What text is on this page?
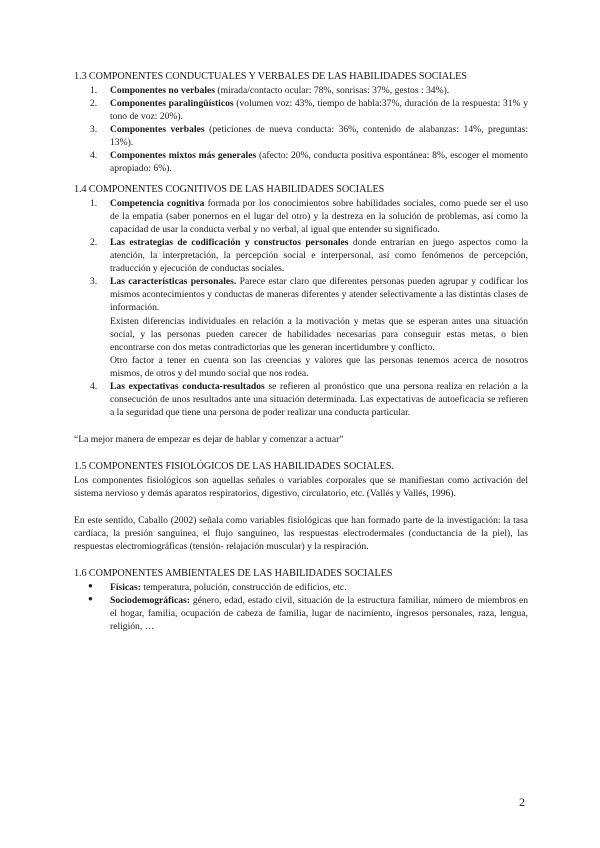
1.3 COMPONENTES CONDUCTUALES Y VERBALES DE LAS HABILIDADES SOCIALES
1. Componentes no verbales (mirada/contacto ocular: 78%, sonrisas: 37%, gestos : 34%).
2. Componentes paralingüísticos (volumen voz: 43%, tiempo de habla:37%, duración de la respuesta: 31% y tono de voz: 20%).
3. Componentes verbales (peticiones de nueva conducta: 36%, contenido de alabanzas: 14%, preguntas: 13%).
4. Componentes mixtos más generales (afecto: 20%, conducta positiva espontánea: 8%, escoger el momento apropiado: 6%).
1.4 COMPONENTES COGNITIVOS DE LAS HABILIDADES SOCIALES
1. Competencia cognitiva formada por los conocimientos sobre habilidades sociales, como puede ser el uso de la empatía (saber ponernos en el lugar del otro) y la destreza en la solución de problemas, así como la capacidad de usar la conducta verbal y no verbal, al igual que entender su significado.
2. Las estrategias de codificación y constructos personales donde entrarían en juego aspectos como la atención, la interpretación, la percepción social e interpersonal, así como fenómenos de percepción, traducción y ejecución de conductas sociales.
3. Las características personales. Parece estar claro que diferentes personas pueden agrupar y codificar los mismos acontecimientos y conductas de maneras diferentes y atender selectivamente a las distintas clases de información.

Existen diferencias individuales en relación a la motivación y metas que se esperan antes una situación social, y las personas pueden carecer de habilidades necesarias para conseguir estas metas, o bien encontrarse con dos metas contradictorias que les generan incertidumbre y conflicto.

Otro factor a tener en cuenta son las creencias y valores que las personas tenemos acerca de nosotros mismos, de otros y del mundo social que nos rodea.

4. Las expectativas conducta-resultados se refieren al pronóstico que una persona realiza en relación a la consecución de unos resultados ante una situación determinada. Las expectativas de autoeficacia se refieren a la seguridad que tiene una persona de poder realizar una conducta particular.

“La mejor manera de empezar es dejar de hablar y comenzar a actuar”

1.5 COMPONENTES FISIOLÓGICOS DE LAS HABILIDADES SOCIALES.

Los componentes fisiológicos son aquellas señales o variables corporales que se manifiestan como activación del sistema nervioso y demás aparatos respiratorios, digestivo, circulatorio, etc. (Vallés y Vallés, 1996).

En este sentido, Caballo (2002) señala como variables fisiológicas que han formado parte de la investigación: la tasa cardíaca, la presión sanguínea, el flujo sanguíneo, las respuestas electrodermales (conductancia de la piel), las respuestas electromiográficas (tensión- relajación muscular) y la respiración.

1.6 COMPONENTES AMBIENTALES DE LAS HABILIDADES SOCIALES
● Físicas: temperatura, polución, construcción de edificios, etc.
● Sociodemográficas: género, edad, estado civil, situación de la estructura familiar, número de miembros en el hogar, familia, ocupación de cabeza de familia, lugar de nacimiento, ingresos personales, raza, lengua, religión, …
2
